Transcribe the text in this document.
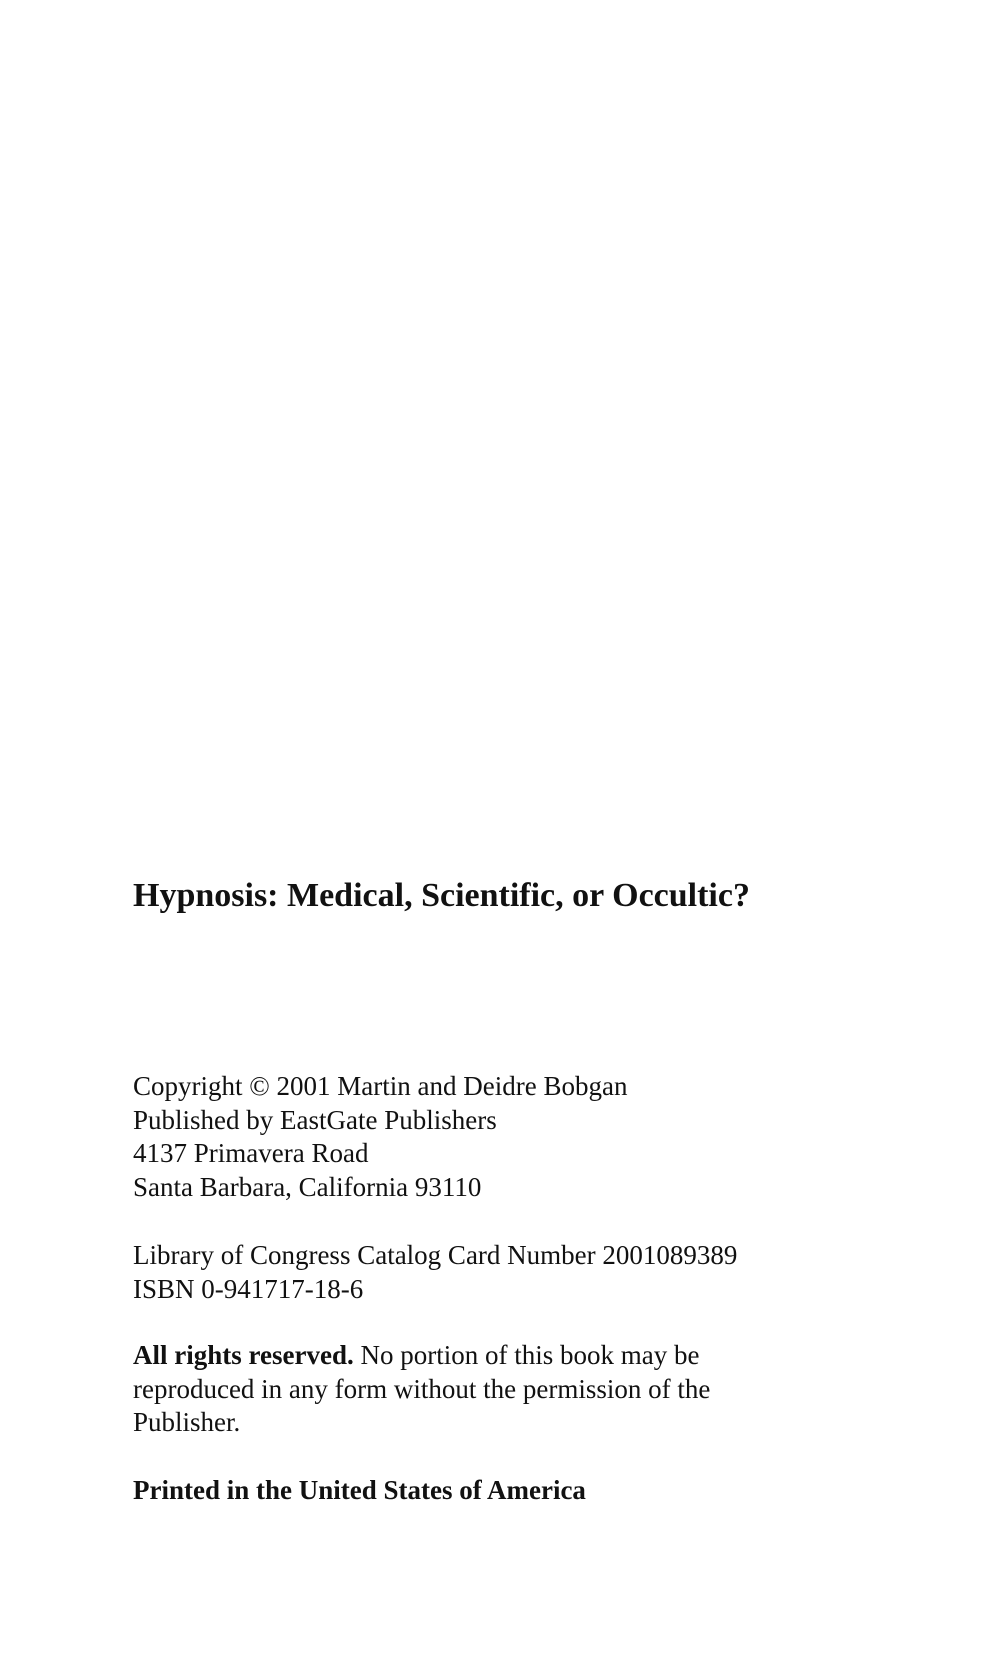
Hypnosis: Medical, Scientific, or Occultic?
Copyright © 2001 Martin and Deidre Bobgan
Published by EastGate Publishers
4137 Primavera Road
Santa Barbara, California 93110
Library of Congress Catalog Card Number 2001089389
ISBN 0-941717-18-6
All rights reserved. No portion of this book may be
reproduced in any form without the permission of the
Publisher.
Printed in the United States of America
